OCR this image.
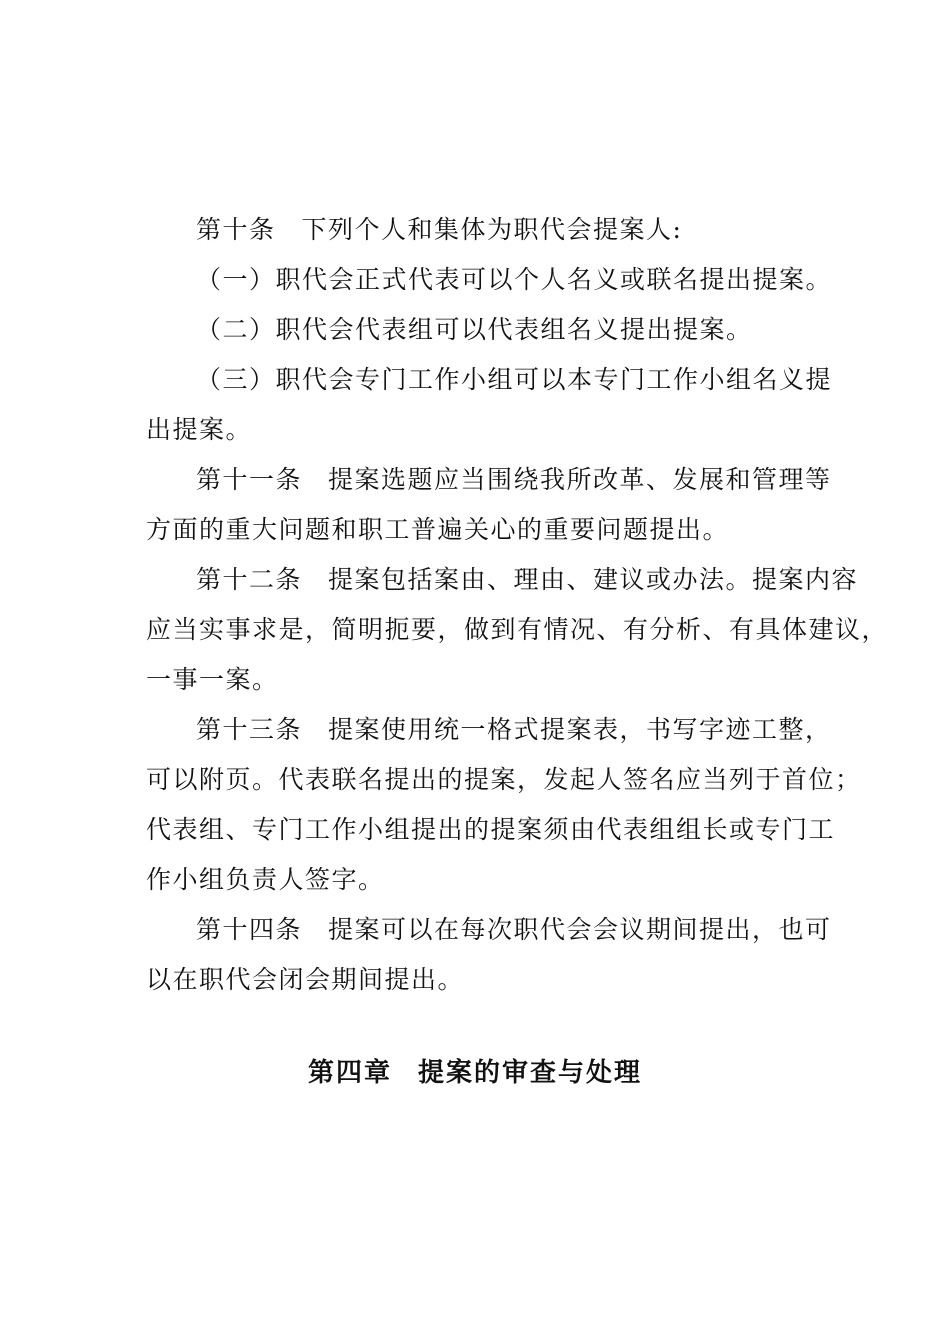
第十条 下列个人和集体为职代会提案人:
（一）职代会正式代表可以个人名义或联名提出提案。
（二）职代会代表组可以代表组名义提出提案。
（三）职代会专门工作小组可以本专门工作小组名义提
出提案。
第十一条 提案选题应当围绕我所改革、发展和管理等
方面的重大问题和职工普遍关心的重要问题提出。
第十二条 提案包括案由、理由、建议或办法。提案内容
应当实事求是，简明扼要，做到有情况、有分析、有具体建议，
一事一案。
第十三条 提案使用统一格式提案表，书写字迹工整，
可以附页。代表联名提出的提案，发起人签名应当列于首位；
代表组、专门工作小组提出的提案须由代表组组长或专门工
作小组负责人签字。
第十四条 提案可以在每次职代会会议期间提出，也可
以在职代会闭会期间提出。
第四章 提案的审查与处理
